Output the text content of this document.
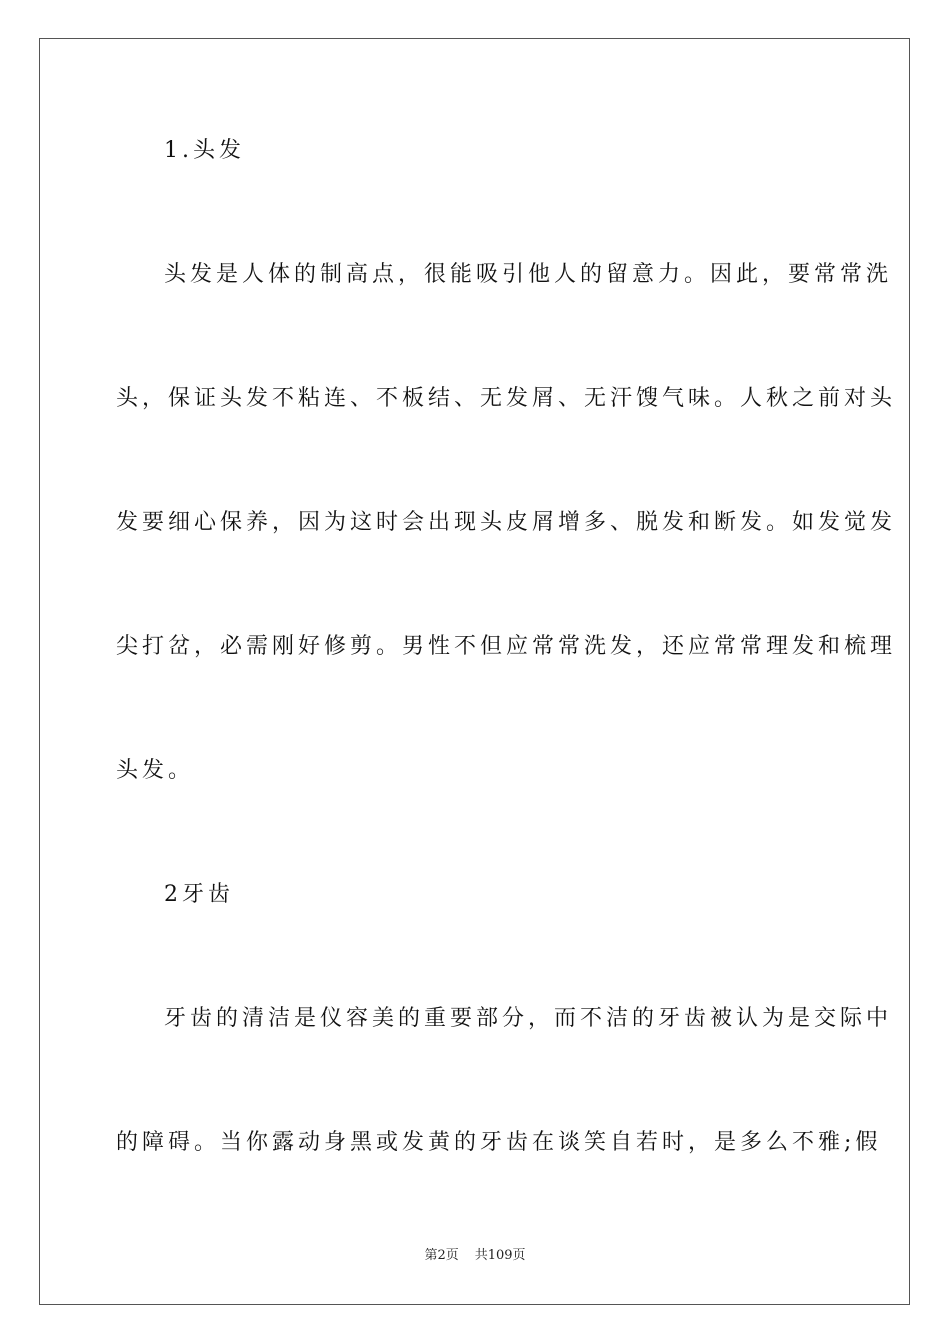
1.头发
头发是人体的制高点，很能吸引他人的留意力。因此，要常常洗
头，保证头发不粘连、不板结、无发屑、无汗馊气味。人秋之前对头
发要细心保养，因为这时会出现头皮屑增多、脱发和断发。如发觉发
尖打岔，必需刚好修剪。男性不但应常常洗发，还应常常理发和梳理
头发。
2牙齿
牙齿的清洁是仪容美的重要部分，而不洁的牙齿被认为是交际中
的障碍。当你露动身黑或发黄的牙齿在谈笑自若时，是多么不雅;假
第2页 共109页
